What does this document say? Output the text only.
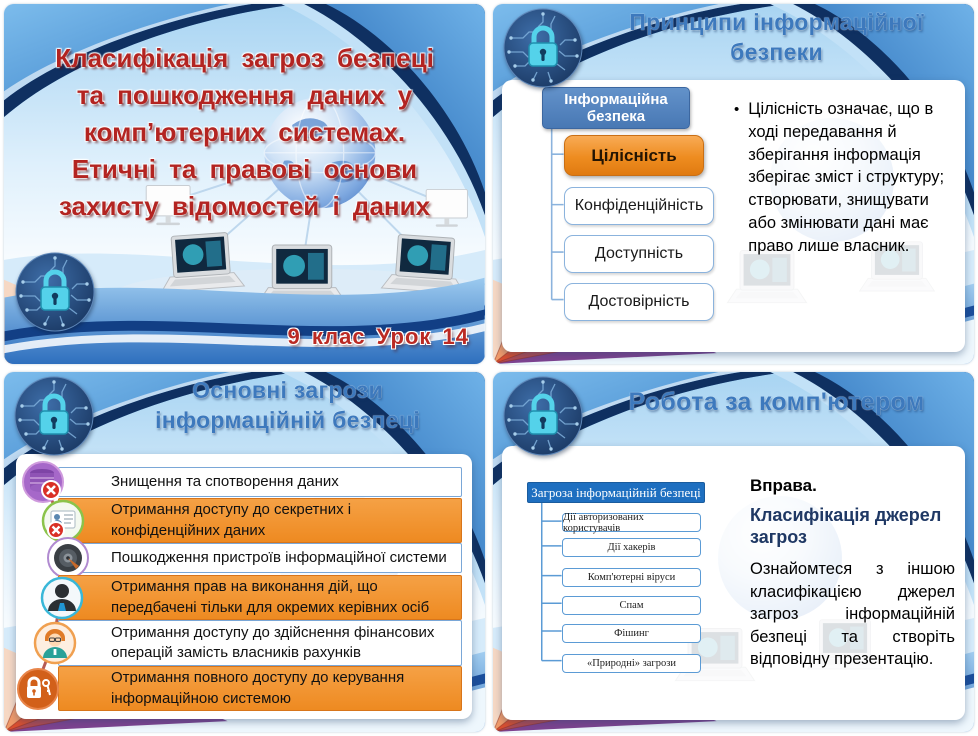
Класифікація загроз безпеці
та пошкодження даних у
комп’ютерних системах.
Етичні та правові основи
захисту відомостей і даних
9 клас Урок 14
Принципи інформаційної
безпеки
Інформаційна безпека
Цілісність
Конфіденційність
Доступність
Достовірність
• Цілісність означає, що в ході передавання й зберігання інформація зберігає зміст і структуру; створювати, знищувати або змінювати дані має право лише власник.
Основні загрози
інформаційній безпеці
Знищення та спотворення даних
Отримання доступу до секретних і конфіденційних даних
Пошкодження пристроїв інформаційної системи
Отримання прав на виконання дій, що передбачені тільки для окремих керівних осіб
Отримання доступу до здійснення фінансових операцій замість власників рахунків
Отримання повного доступу до керування інформаційною системою
Робота за комп'ютером
Загроза інформаційній безпеці
Дії авторизованих користувачів
Дії хакерів
Комп'ютерні віруси
Спам
Фішинг
«Природні» загрози
Вправа.
Класифікація джерел загроз
Ознайомтеся з іншою класифікацією джерел загроз інформаційній безпеці та створіть відповідну презентацію.
